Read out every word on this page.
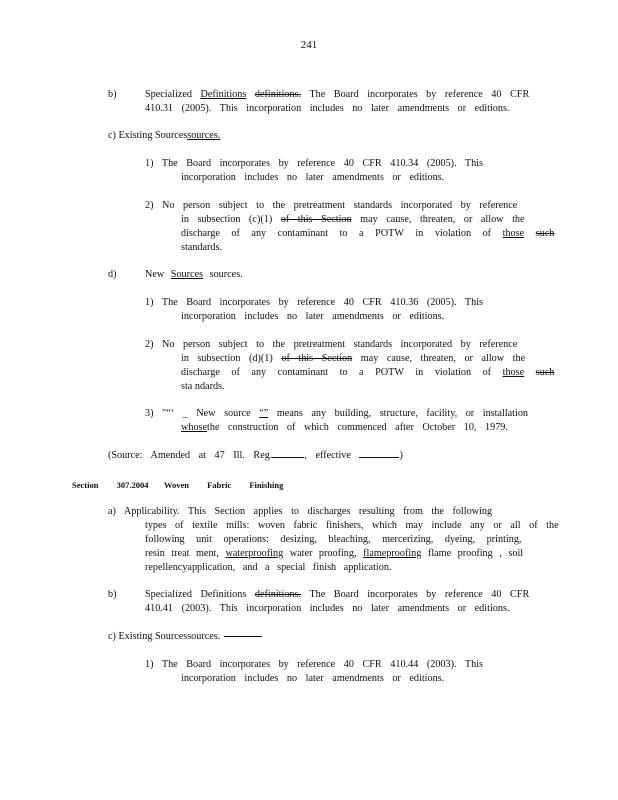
241
b)	Specialized Definitions definitions. The Board incorporates by reference 40 CFR
410.31 (2005). This incorporation includes no later amendments or editions.
c) Existing Sourcessources.
1) The Board incorporates by reference 40 CFR 410.34 (2005). This
incorporation includes no later amendments or editions.
2) No person subject to the pretreatment standards incorporated by reference
in subsection (c)(1) of this Section may cause, threaten, or allow the
discharge of any contaminant to a POTW in violation of those such
standards.
d)	New Sources sources.
1) The Board incorporates by reference 40 CFR 410.36 (2005). This
incorporation includes no later amendments or editions.
2) No person subject to the pretreatment standards incorporated by reference
in subsection (d)(1) of this Section may cause, threaten, or allow the
discharge of any contaminant to a POTW in violation of those such
sta ndards.
3) "“‘ _ New source “” means any building, structure, facility, or installation
whosethe construction of which commenced after October 10, 1979.
(Source: Amended at 47 Ill. Reg.	, effective	)
Section 307.2004 Woven Fabric Finishing
a) Applicability. This Section applies to discharges resulting from the following
types of textile mills: woven fabric finishers, which may include any or all of the
following unit operations: desizing, bleaching, mercerizing, dyeing, printing,
resin treat ment, waterproofing water proofing, flameproofing flame proofing , soil
repellencyapplication, and a special finish application.
b)	Specialized Definitions definitions. The Board incorporates by reference 40 CFR
410.41 (2003). This incorporation includes no later amendments or editions.
c) Existing Sourcessources.
1) The Board incorporates by reference 40 CFR 410.44 (2003). This
incorporation includes no later amendments or editions.
